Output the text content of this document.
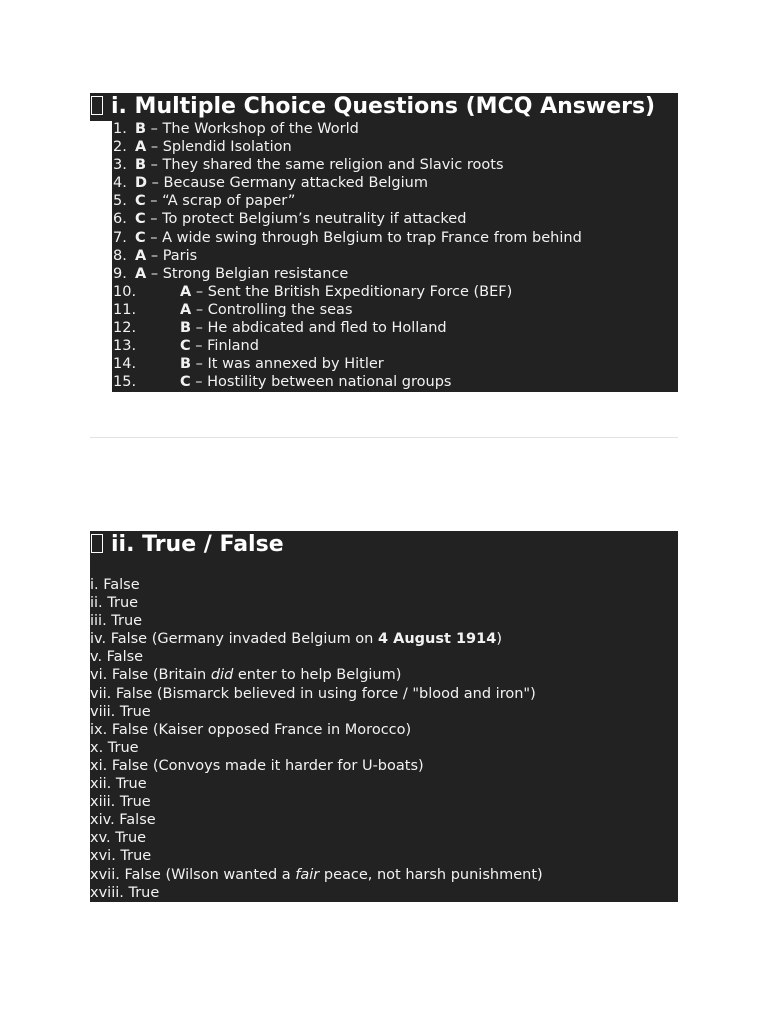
i. Multiple Choice Questions (MCQ Answers)
1. B – The Workshop of the World
2. A – Splendid Isolation
3. B – They shared the same religion and Slavic roots
4. D – Because Germany attacked Belgium
5. C – “A scrap of paper”
6. C – To protect Belgium’s neutrality if attacked
7. C – A wide swing through Belgium to trap France from behind
8. A – Paris
9. A – Strong Belgian resistance
10.	A – Sent the British Expeditionary Force (BEF)
11.	A – Controlling the seas
12.	B – He abdicated and fled to Holland
13.	C – Finland
14.	B – It was annexed by Hitler
15.	C – Hostility between national groups
ii. True / False
i. False
ii. True
iii. True
iv. False (Germany invaded Belgium on 4 August 1914)
v. False
vi. False (Britain did enter to help Belgium)
vii. False (Bismarck believed in using force / "blood and iron")
viii. True
ix. False (Kaiser opposed France in Morocco)
x. True
xi. False (Convoys made it harder for U-boats)
xii. True
xiii. True
xiv. False
xv. True
xvi. True
xvii. False (Wilson wanted a fair peace, not harsh punishment)
xviii. True
